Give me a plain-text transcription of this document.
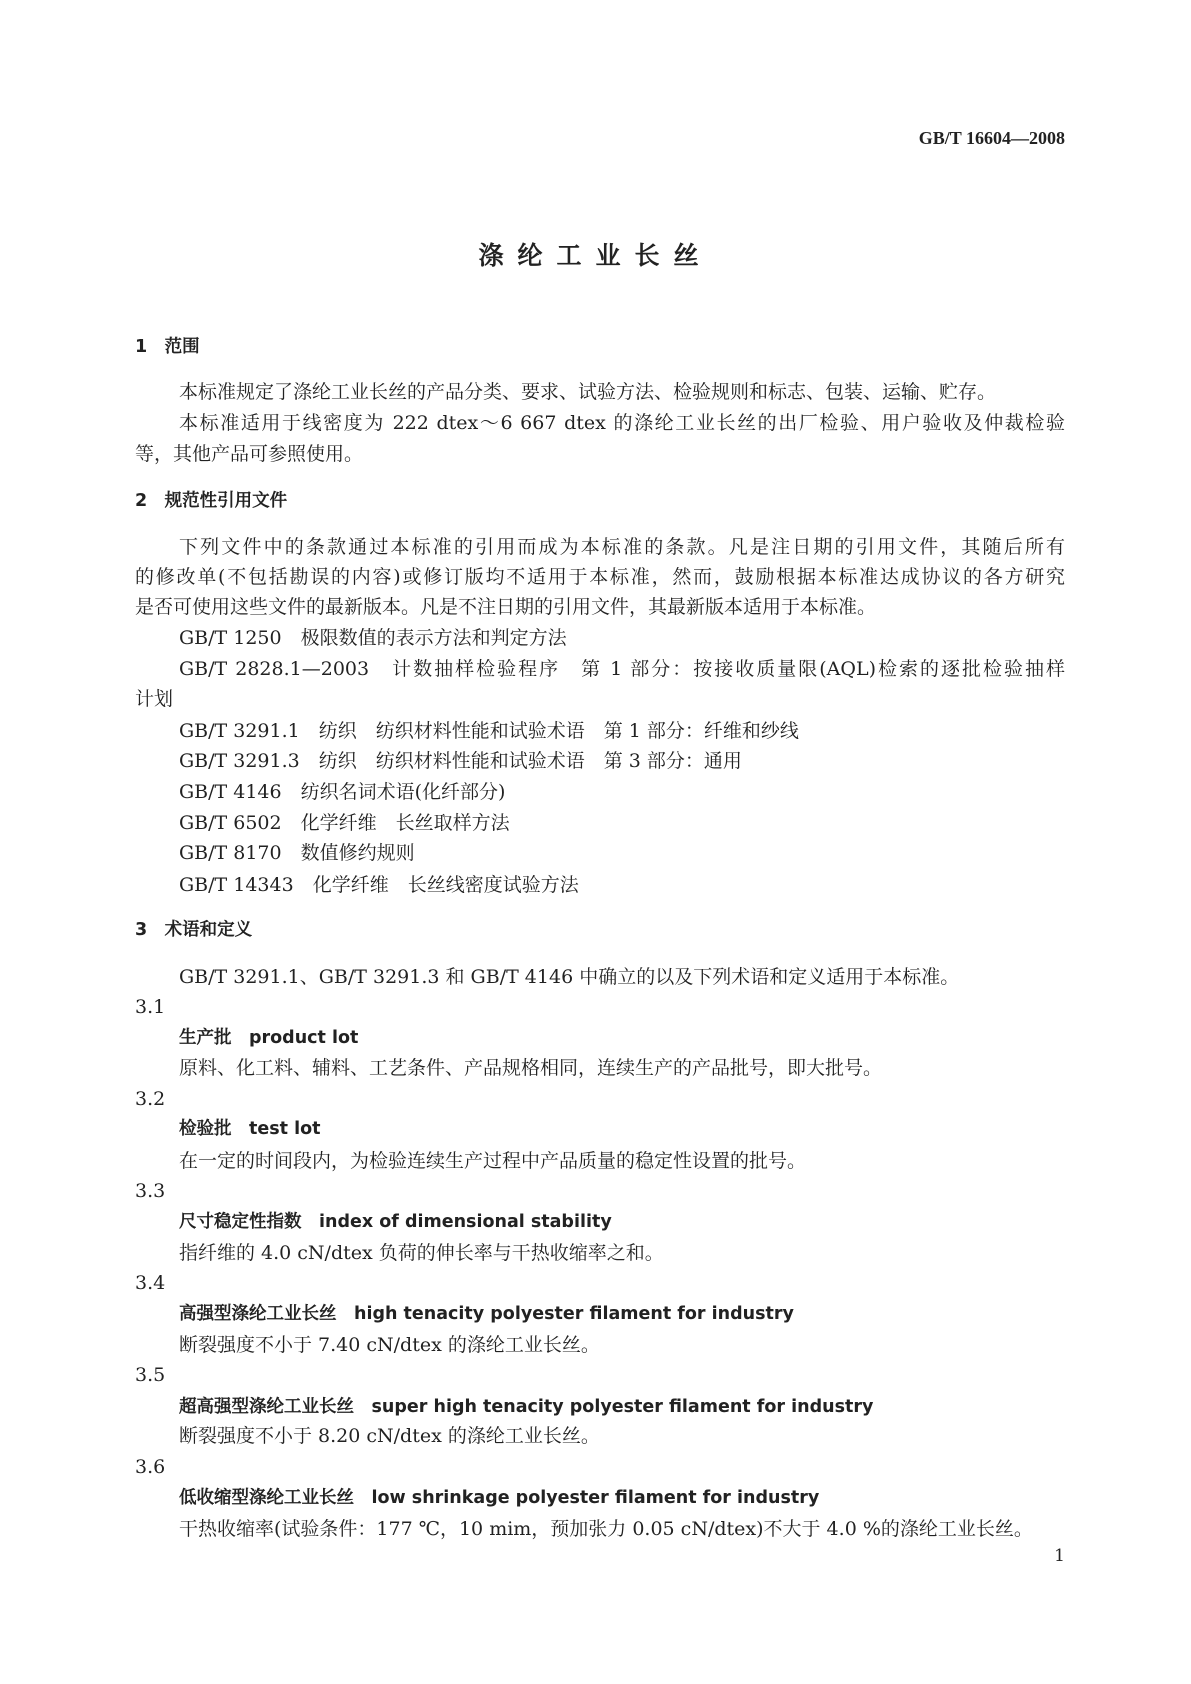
GB/T 16604—2008
涤纶工业长丝
1　范围
本标准规定了涤纶工业长丝的产品分类、要求、试验方法、检验规则和标志、包装、运输、贮存。
本标准适用于线密度为 222 dtex～6 667 dtex 的涤纶工业长丝的出厂检验、用户验收及仲裁检验
等，其他产品可参照使用。
2　规范性引用文件
下列文件中的条款通过本标准的引用而成为本标准的条款。凡是注日期的引用文件，其随后所有
的修改单(不包括勘误的内容)或修订版均不适用于本标准，然而，鼓励根据本标准达成协议的各方研究
是否可使用这些文件的最新版本。凡是不注日期的引用文件，其最新版本适用于本标准。
GB/T 1250　极限数值的表示方法和判定方法
GB/T 2828.1—2003　计数抽样检验程序　第 1 部分：按接收质量限(AQL)检索的逐批检验抽样
计划
GB/T 3291.1　纺织　纺织材料性能和试验术语　第 1 部分：纤维和纱线
GB/T 3291.3　纺织　纺织材料性能和试验术语　第 3 部分：通用
GB/T 4146　纺织名词术语(化纤部分)
GB/T 6502　化学纤维　长丝取样方法
GB/T 8170　数值修约规则
GB/T 14343　化学纤维　长丝线密度试验方法
3　术语和定义
GB/T 3291.1、GB/T 3291.3 和 GB/T 4146 中确立的以及下列术语和定义适用于本标准。
3.1
生产批　product lot
原料、化工料、辅料、工艺条件、产品规格相同，连续生产的产品批号，即大批号。
3.2
检验批　test lot
在一定的时间段内，为检验连续生产过程中产品质量的稳定性设置的批号。
3.3
尺寸稳定性指数　index of dimensional stability
指纤维的 4.0 cN/dtex 负荷的伸长率与干热收缩率之和。
3.4
高强型涤纶工业长丝　high tenacity polyester filament for industry
断裂强度不小于 7.40 cN/dtex 的涤纶工业长丝。
3.5
超高强型涤纶工业长丝　super high tenacity polyester filament for industry
断裂强度不小于 8.20 cN/dtex 的涤纶工业长丝。
3.6
低收缩型涤纶工业长丝　low shrinkage polyester filament for industry
干热收缩率(试验条件：177 ℃，10 mim，预加张力 0.05 cN/dtex)不大于 4.0 %的涤纶工业长丝。
1
